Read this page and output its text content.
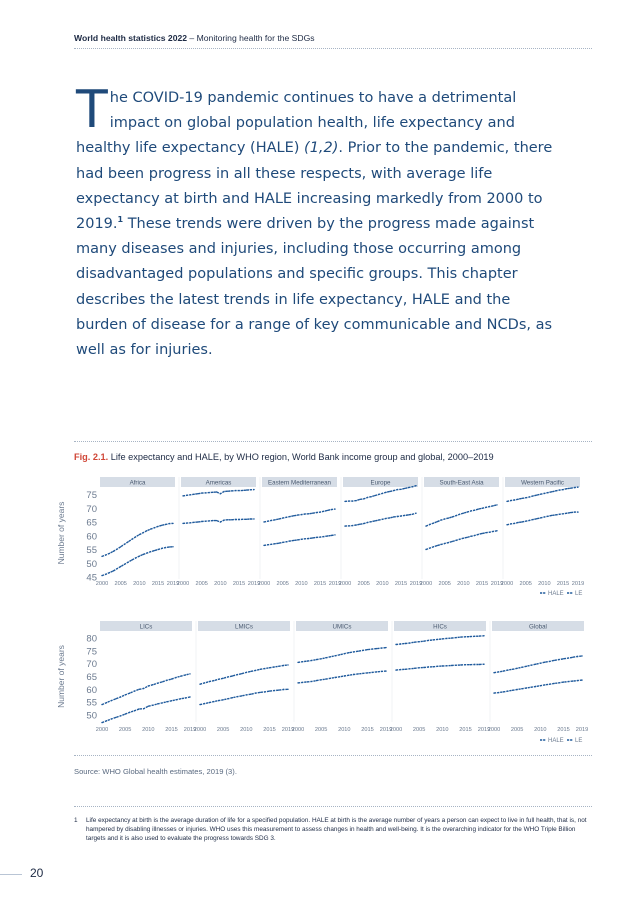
World health statistics 2022 – Monitoring health for the SDGs
The COVID-19 pandemic continues to have a detrimental impact on global population health, life expectancy and healthy life expectancy (HALE) (1,2). Prior to the pandemic, there had been progress in all these respects, with average life expectancy at birth and HALE increasing markedly from 2000 to 2019.$^1$ These trends were driven by the progress made against many diseases and injuries, including those occurring among disadvantaged populations and specific groups. This chapter describes the latest trends in life expectancy, HALE and the burden of disease for a range of key communicable and NCDs, as well as for injuries.
Fig. 2.1. Life expectancy and HALE, by WHO region, World Bank income group and global, 2000–2019
Number of years
45
50
55
60
65
70
75
Africa
2000 2005 2010 2015 2019
Americas
2000 2005 2010 2015 2019
Eastern Mediterranean
2000 2005 2010 2015 2019
Europe
2000 2005 2010 2015 2019
South-East Asia
2000 2005 2010 2015 2019
Western Pacific
2000 2005 2010 2015 2019
HALE LE
Number of years
50
55
60
65
70
75
80
LICs
2000 2005 2010 2015 2019
LMICs
2000 2005 2010 2015 2019
UMICs
2000 2005 2010 2015 2019
HICs
2000 2005 2010 2015 2019
Global
2000 2005 2010 2015 2019
HALE LE
Source: WHO Global health estimates, 2019 (3).
1	Life expectancy at birth is the average duration of life for a specified population. HALE at birth is the average number of years a person can expect to live in full health, that is, not hampered by disabling illnesses or injuries. WHO uses this measurement to assess changes in health and well-being. It is the overarching indicator for the WHO Triple Billion targets and it is also used to evaluate the progress towards SDG 3.
20
